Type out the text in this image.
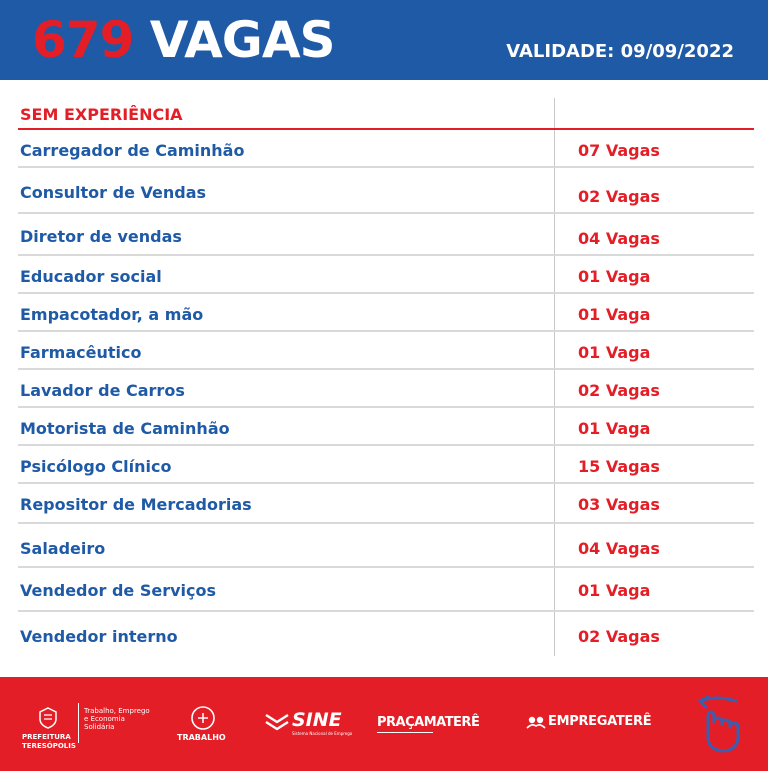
679 VAGAS	VALIDADE: 09/09/2022
SEM EXPERIÊNCIA
Carregador de Caminhão	07 Vagas
Consultor de Vendas	02 Vagas
Diretor de vendas	04 Vagas
Educador social	01 Vaga
Empacotador, a mão	01 Vaga
Farmacêutico	01 Vaga
Lavador de Carros	02 Vagas
Motorista de Caminhão	01 Vaga
Psicólogo Clínico	15 Vagas
Repositor de Mercadorias	03 Vagas
Saladeiro	04 Vagas
Vendedor de Serviços	01 Vaga
Vendedor interno	02 Vagas
PREFEITURA
TERESÓPOLIS
Trabalho, Emprego
e Economia
Solidária
TRABALHO
SINE
Sistema Nacional de Emprego
PRAÇAMATERÊ	EMPREGATERÊ
